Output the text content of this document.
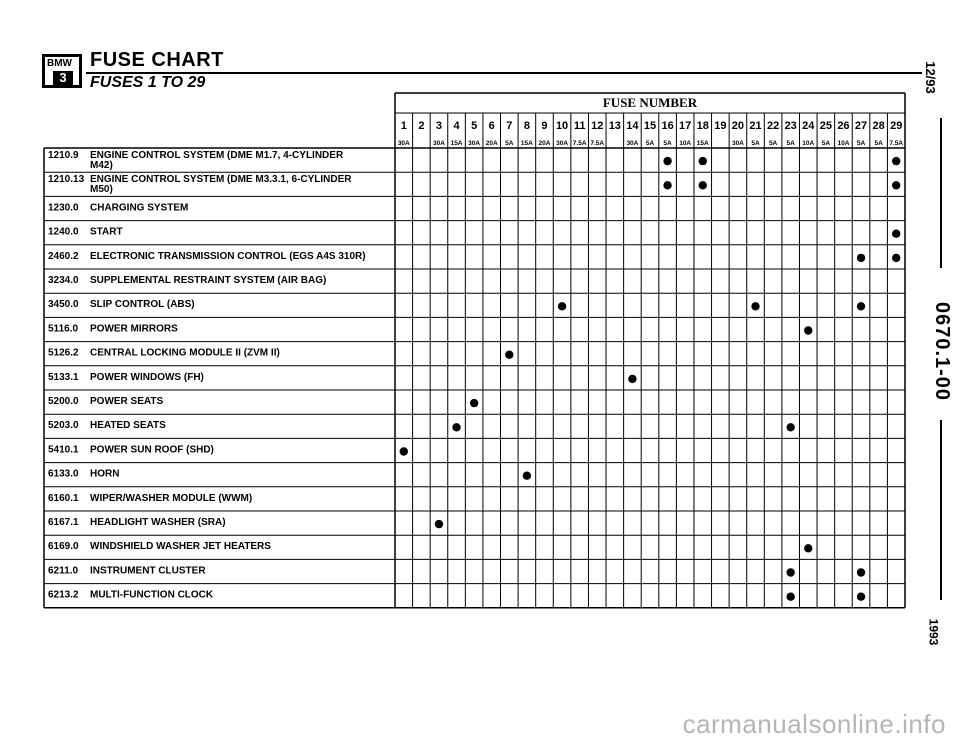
BMW
3
FUSE CHART
FUSES 1 TO 29	12/93
0670.1-00
1993
FUSE NUMBER
1
30A
2 3
30A
4
15A
5
30A
6
20A
7
5A
8
15A
9
20A
10
30A
11
7.5A
12
7.5A
13 14
30A
15
5A
16
5A
17
10A
18
15A
19 20
30A
21
5A
22
5A
23
5A
24
10A
25
5A
26
10A
27
5A
28
5A
29
7.5A
1210.9 ENGINE CONTROL SYSTEM (DME M1.7, 4-CYLINDER
M42)
1210.13 ENGINE CONTROL SYSTEM (DME M3.3.1, 6-CYLINDER
M50)
1230.0 CHARGING SYSTEM
1240.0 START
2460.2 ELECTRONIC TRANSMISSION CONTROL (EGS A4S 310R)
3234.0 SUPPLEMENTAL RESTRAINT SYSTEM (AIR BAG)
3450.0 SLIP CONTROL (ABS)
5116.0 POWER MIRRORS
5126.2 CENTRAL LOCKING MODULE II (ZVM II)
5133.1 POWER WINDOWS (FH)
5200.0 POWER SEATS
5203.0 HEATED SEATS
5410.1 POWER SUN ROOF (SHD)
6133.0 HORN
6160.1 WIPER/WASHER MODULE (WWM)
6167.1 HEADLIGHT WASHER (SRA)
6169.0 WINDSHIELD WASHER JET HEATERS
6211.0 INSTRUMENT CLUSTER
6213.2 MULTI-FUNCTION CLOCK
carmanualsonline.info
